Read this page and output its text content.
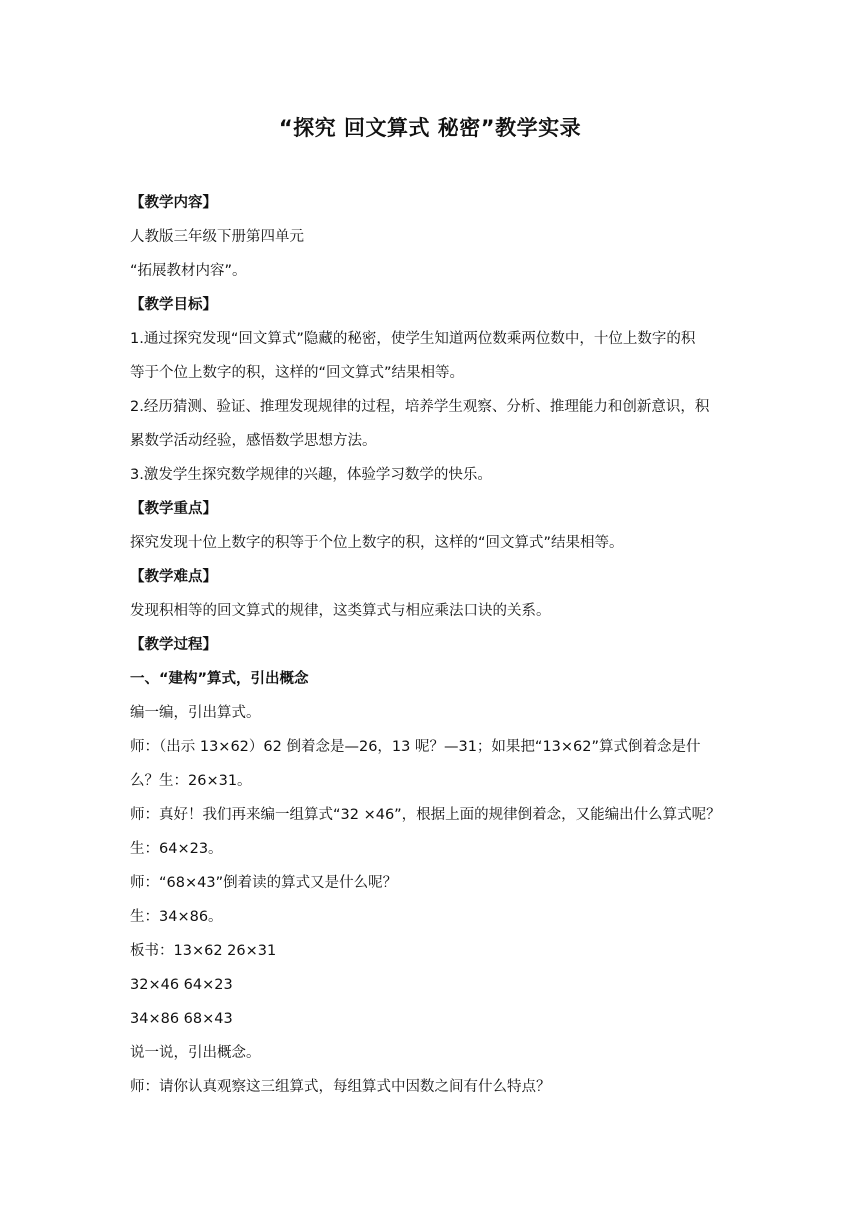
“探究 回文算式 秘密”教学实录
【教学内容】
人教版三年级下册第四单元
“拓展教材内容”。
【教学目标】
1.通过探究发现“回文算式”隐藏的秘密，使学生知道两位数乘两位数中，十位上数字的积
等于个位上数字的积，这样的“回文算式”结果相等。
2.经历猜测、验证、推理发现规律的过程，培养学生观察、分析、推理能力和创新意识，积
累数学活动经验，感悟数学思想方法。
3.激发学生探究数学规律的兴趣，体验学习数学的快乐。
【教学重点】
探究发现十位上数字的积等于个位上数字的积，这样的“回文算式”结果相等。
【教学难点】
发现积相等的回文算式的规律，这类算式与相应乘法口诀的关系。
【教学过程】
一、“建构”算式，引出概念
编一编，引出算式。
师：（出示 13×62）62 倒着念是—26，13 呢？—31；如果把“13×62”算式倒着念是什
么？生：26×31。
师：真好！我们再来编一组算式“32 ×46”，根据上面的规律倒着念，又能编出什么算式呢？
生：64×23。
师：“68×43”倒着读的算式又是什么呢？
生：34×86。
板书：13×62 26×31
32×46 64×23
34×86 68×43
说一说，引出概念。
师：请你认真观察这三组算式，每组算式中因数之间有什么特点？
